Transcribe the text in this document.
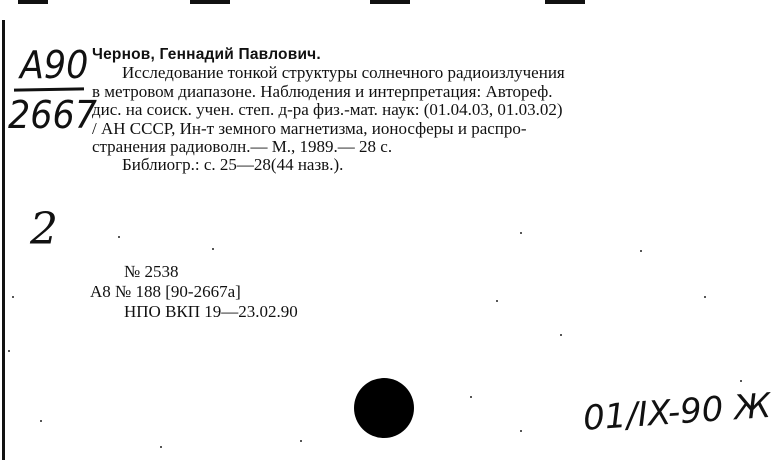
А90
2667
2
Чернов, Геннадий Павлович.
Исследование тонкой структуры солнечного радиоизлучения
в метровом диапазоне. Наблюдения и интерпретация: Автореф.
дис. на соиск. учен. степ. д-ра физ.-мат. наук: (01.04.03, 01.03.02)
/ АН СССР, Ин-т земного магнетизма, ионосферы и распро-
странения радиоволн.— М., 1989.— 28 с.
Библиогр.: с. 25—28(44 назв.).
№ 2538
А8 № 188 [90-2667а]
НПО ВКП 19—23.02.90
01/IX-90 Ж
